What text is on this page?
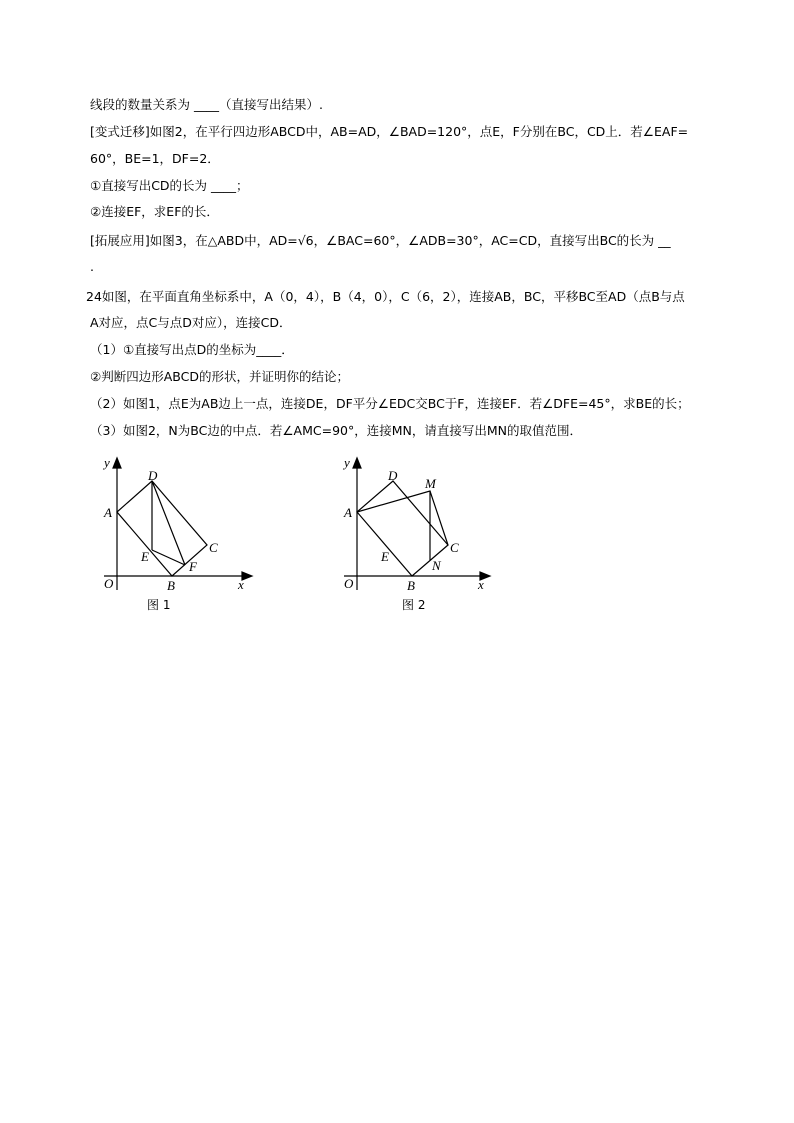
线段的数量关系为 ____（直接写出结果）.
[变式迁移]如图2，在平行四边形ABCD中，AB=AD，∠BAD=120°，点E，F分别在BC，CD上．若∠EAF=
60°，BE=1，DF=2．
①直接写出CD的长为 ____；
②连接EF，求EF的长．
[拓展应用]如图3，在△ABD中，AD=√6，∠BAC=60°，∠ADB=30°，AC=CD，直接写出BC的长为 __
.
24如图，在平面直角坐标系中，A（0，4），B（4，0），C（6，2），连接AB，BC，平移BC至AD（点B与点
A对应，点C与点D对应），连接CD．
（1）①直接写出点D的坐标为____．
②判断四边形ABCD的形状，并证明你的结论；
（2）如图1，点E为AB边上一点，连接DE，DF平分∠EDC交BC于F，连接EF．若∠DFE=45°，求BE的长；
（3）如图2，N为BC边的中点．若∠AMC=90°，连接MN，请直接写出MN的取值范围．
y
x
O
A
B
C
D
E
F
图 1
y
x
O
A
B
C
D
E
M
N
图 2
